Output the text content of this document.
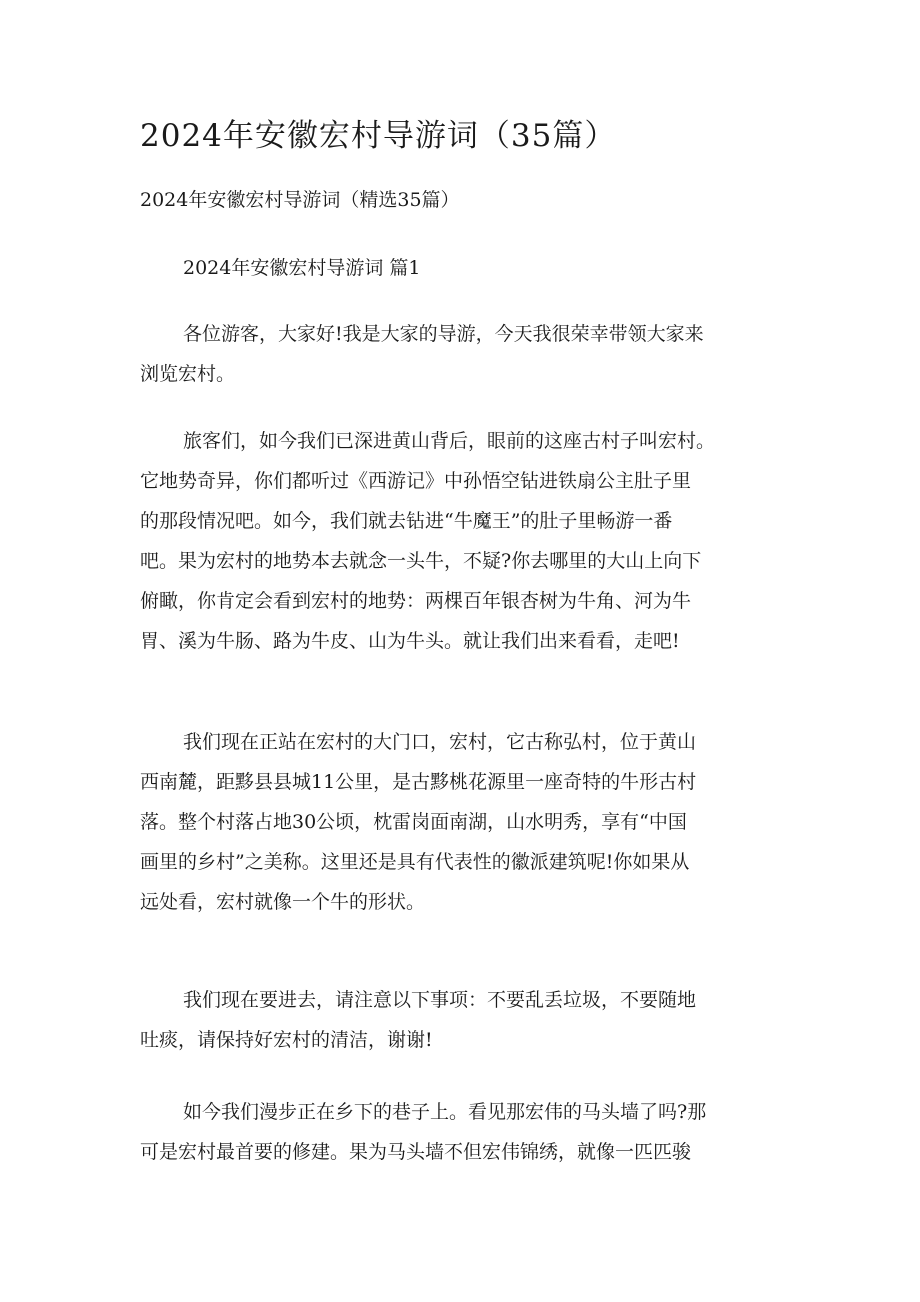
2024年安徽宏村导游词（35篇）
2024年安徽宏村导游词（精选35篇）
2024年安徽宏村导游词 篇1
各位游客，大家好!我是大家的导游，今天我很荣幸带领大家来
浏览宏村。
旅客们，如今我们已深进黄山背后，眼前的这座古村子叫宏村。
它地势奇异，你们都听过《西游记》中孙悟空钻进铁扇公主肚子里
的那段情况吧。如今，我们就去钻进“牛魔王”的肚子里畅游一番
吧。果为宏村的地势本去就念一头牛，不疑?你去哪里的大山上向下
俯瞰，你肯定会看到宏村的地势：两棵百年银杏树为牛角、河为牛
胃、溪为牛肠、路为牛皮、山为牛头。就让我们出来看看，走吧!
我们现在正站在宏村的大门口，宏村，它古称弘村，位于黄山
西南麓，距黟县县城11公里，是古黟桃花源里一座奇特的牛形古村
落。整个村落占地30公顷，枕雷岗面南湖，山水明秀，享有“中国
画里的乡村”之美称。这里还是具有代表性的徽派建筑呢!你如果从
远处看，宏村就像一个牛的形状。
我们现在要进去，请注意以下事项：不要乱丢垃圾，不要随地
吐痰，请保持好宏村的清洁，谢谢!
如今我们漫步正在乡下的巷子上。看见那宏伟的马头墙了吗?那
可是宏村最首要的修建。果为马头墙不但宏伟锦绣，就像一匹匹骏
